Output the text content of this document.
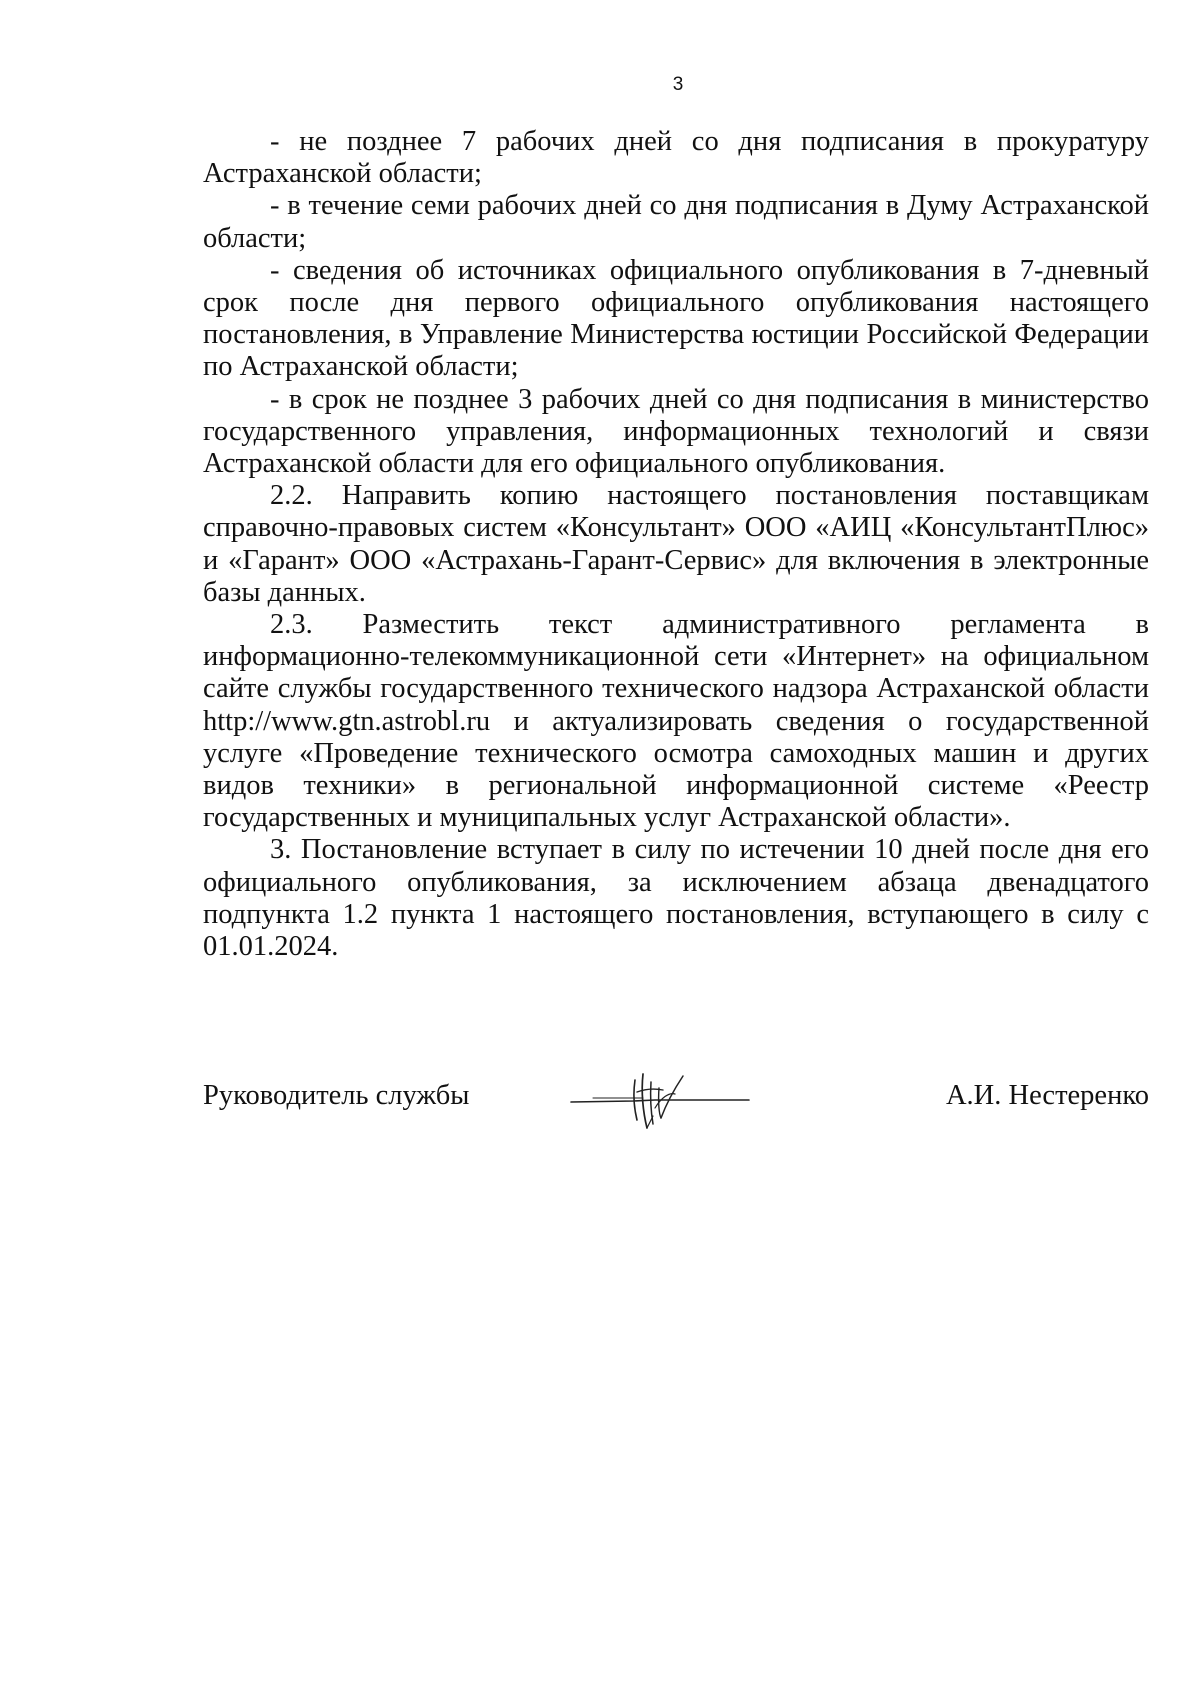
3

- не позднее 7 рабочих дней со дня подписания в прокуратуру Астраханской области;

- в течение семи рабочих дней со дня подписания в Думу Астраханской области;

- сведения об источниках официального опубликования в 7-дневный срок после дня первого официального опубликования настоящего постановления, в Управление Министерства юстиции Российской Федерации по Астраханской области;

- в срок не позднее 3 рабочих дней со дня подписания в министерство государственного управления, информационных технологий и связи Астраханской области для его официального опубликования.

2.2. Направить копию настоящего постановления поставщикам справочно-правовых систем «Консультант» ООО «АИЦ «КонсультантПлюс» и «Гарант» ООО «Астрахань-Гарант-Сервис» для включения в электронные базы данных.

2.3. Разместить текст административного регламента в информационно-телекоммуникационной сети «Интернет» на официальном сайте службы государственного технического надзора Астраханской области http://www.gtn.astrobl.ru и актуализировать сведения о государственной услуге «Проведение технического осмотра самоходных машин и других видов техники» в региональной информационной системе «Реестр государственных и муниципальных услуг Астраханской области».

3. Постановление вступает в силу по истечении 10 дней после дня его официального опубликования, за исключением абзаца двенадцатого подпункта 1.2 пункта 1 настоящего постановления, вступающего в силу с 01.01.2024.

Руководитель службы	А.И. Нестеренко
